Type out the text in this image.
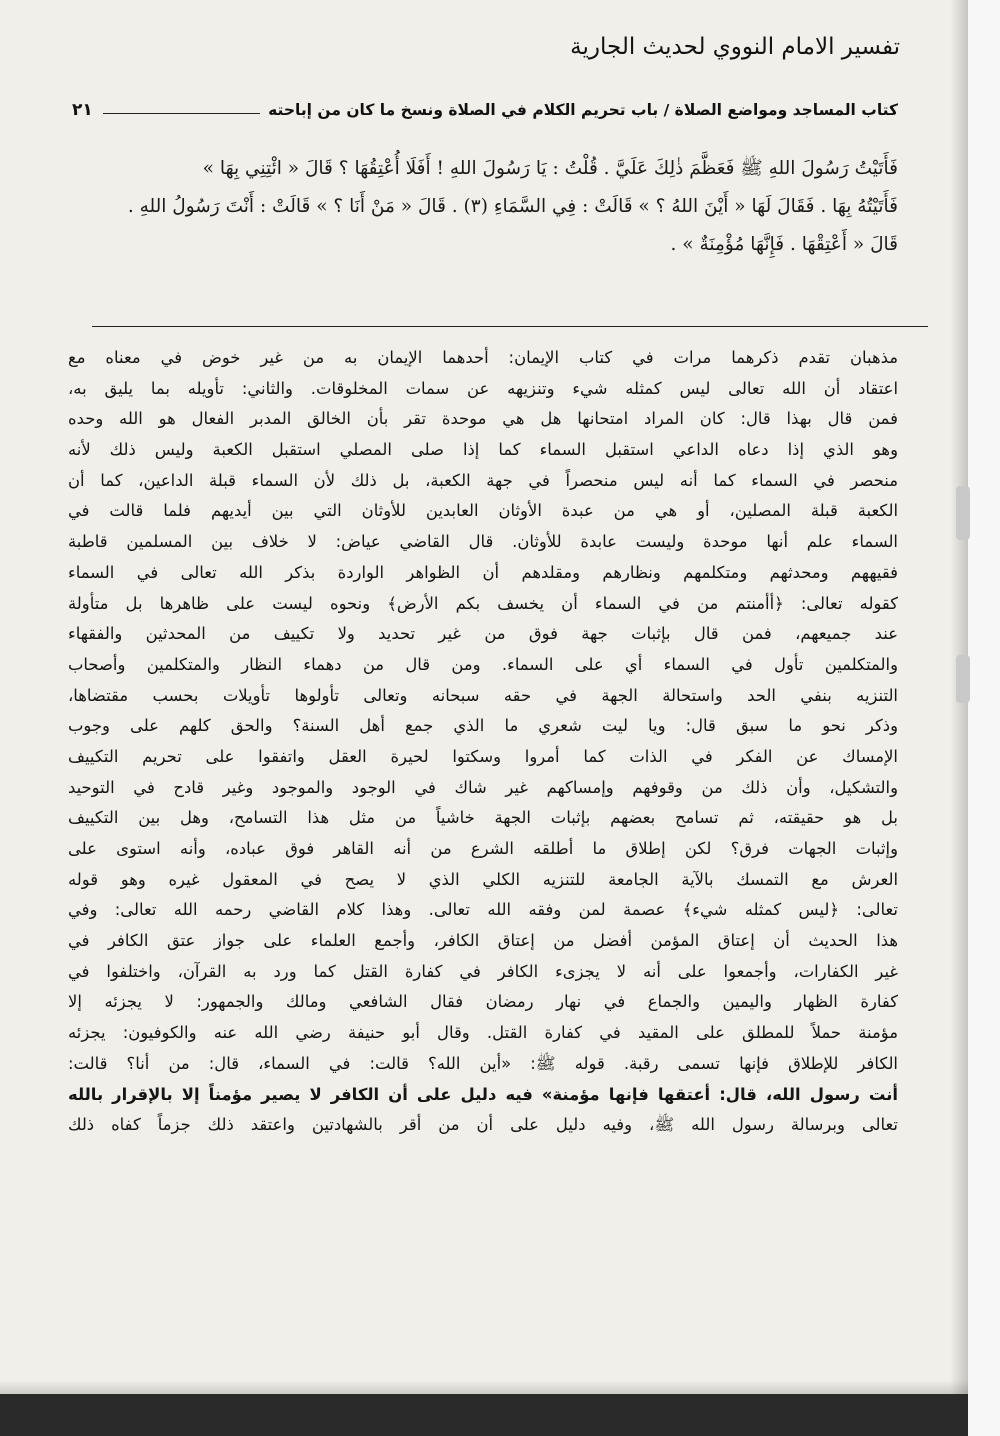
تفسير الامام النووي لحديث الجارية
كتاب المساجد ومواضع الصلاة / باب تحريم الكلام في الصلاة ونسخ ما كان من إباحته
٢١

فَأَتَيْتُ رَسُولَ اللهِ ﷺ فَعَظَّمَ ذٰلِكَ عَلَيَّ . قُلْتُ : يَا رَسُولَ اللهِ ! أَفَلَا أُعْتِقُهَا ؟ قَالَ « ائْتِنِي بِهَا »

فَأَتَيْتُهُ بِهَا . فَقَالَ لَهَا « أَيْنَ اللهُ ؟ » قَالَتْ : فِي السَّمَاءِ (٣) . قَالَ « مَنْ أَنَا ؟ » قَالَتْ : أَنْتَ رَسُولُ اللهِ .

قَالَ « أَعْتِقْهَا . فَإِنَّهَا مُؤْمِنَةٌ » .

مذهبان تقدم ذكرهما مرات في كتاب الإيمان: أحدهما الإيمان به من غير خوض في معناه مع
اعتقاد أن الله تعالى ليس كمثله شيء وتنزيهه عن سمات المخلوقات. والثاني: تأويله بما يليق به،
فمن قال بهذا قال: كان المراد امتحانها هل هي موحدة تقر بأن الخالق المدبر الفعال هو الله وحده
وهو الذي إذا دعاه الداعي استقبل السماء كما إذا صلى المصلي استقبل الكعبة وليس ذلك لأنه
منحصر في السماء كما أنه ليس منحصراً في جهة الكعبة، بل ذلك لأن السماء قبلة الداعين، كما أن
الكعبة قبلة المصلين، أو هي من عبدة الأوثان العابدين للأوثان التي بين أيديهم فلما قالت في
السماء علم أنها موحدة وليست عابدة للأوثان. قال القاضي عياض: لا خلاف بين المسلمين قاطبة
فقيههم ومحدثهم ومتكلمهم ونظارهم ومقلدهم أن الظواهر الواردة بذكر الله تعالى في السماء
كقوله تعالى: ﴿أأمنتم من في السماء أن يخسف بكم الأرض﴾ ونحوه ليست على ظاهرها بل متأولة
عند جميعهم، فمن قال بإثبات جهة فوق من غير تحديد ولا تكييف من المحدثين والفقهاء
والمتكلمين تأول في السماء أي على السماء. ومن قال من دهماء النظار والمتكلمين وأصحاب
التنزيه بنفي الحد واستحالة الجهة في حقه سبحانه وتعالى تأولوها تأويلات بحسب مقتضاها،
وذكر نحو ما سبق قال: ويا ليت شعري ما الذي جمع أهل السنة؟ والحق كلهم على وجوب
الإمساك عن الفكر في الذات كما أمروا وسكتوا لحيرة العقل واتفقوا على تحريم التكييف
والتشكيل، وأن ذلك من وقوفهم وإمساكهم غير شاك في الوجود والموجود وغير قادح في التوحيد
بل هو حقيقته، ثم تسامح بعضهم بإثبات الجهة خاشياً من مثل هذا التسامح، وهل بين التكييف
وإثبات الجهات فرق؟ لكن إطلاق ما أطلقه الشرع من أنه القاهر فوق عباده، وأنه استوى على
العرش مع التمسك بالآية الجامعة للتنزيه الكلي الذي لا يصح في المعقول غيره وهو قوله
تعالى: ﴿ليس كمثله شيء﴾ عصمة لمن وفقه الله تعالى. وهذا كلام القاضي رحمه الله تعالى: وفي
هذا الحديث أن إعتاق المؤمن أفضل من إعتاق الكافر، وأجمع العلماء على جواز عتق الكافر في
غير الكفارات، وأجمعوا على أنه لا يجزىء الكافر في كفارة القتل كما ورد به القرآن، واختلفوا في
كفارة الظهار واليمين والجماع في نهار رمضان فقال الشافعي ومالك والجمهور: لا يجزئه إلا
مؤمنة حملاً للمطلق على المقيد في كفارة القتل. وقال أبو حنيفة رضي الله عنه والكوفيون: يجزئه
الكافر للإطلاق فإنها تسمى رقبة. قوله ﷺ: «أين الله؟ قالت: في السماء، قال: من أنا؟ قالت:
أنت رسول الله، قال: أعتقها فإنها مؤمنة» فيه دليل على أن الكافر لا يصير مؤمناً إلا بالإقرار بالله
تعالى وبرسالة رسول الله ﷺ، وفيه دليل على أن من أقر بالشهادتين واعتقد ذلك جزماً كفاه ذلك
